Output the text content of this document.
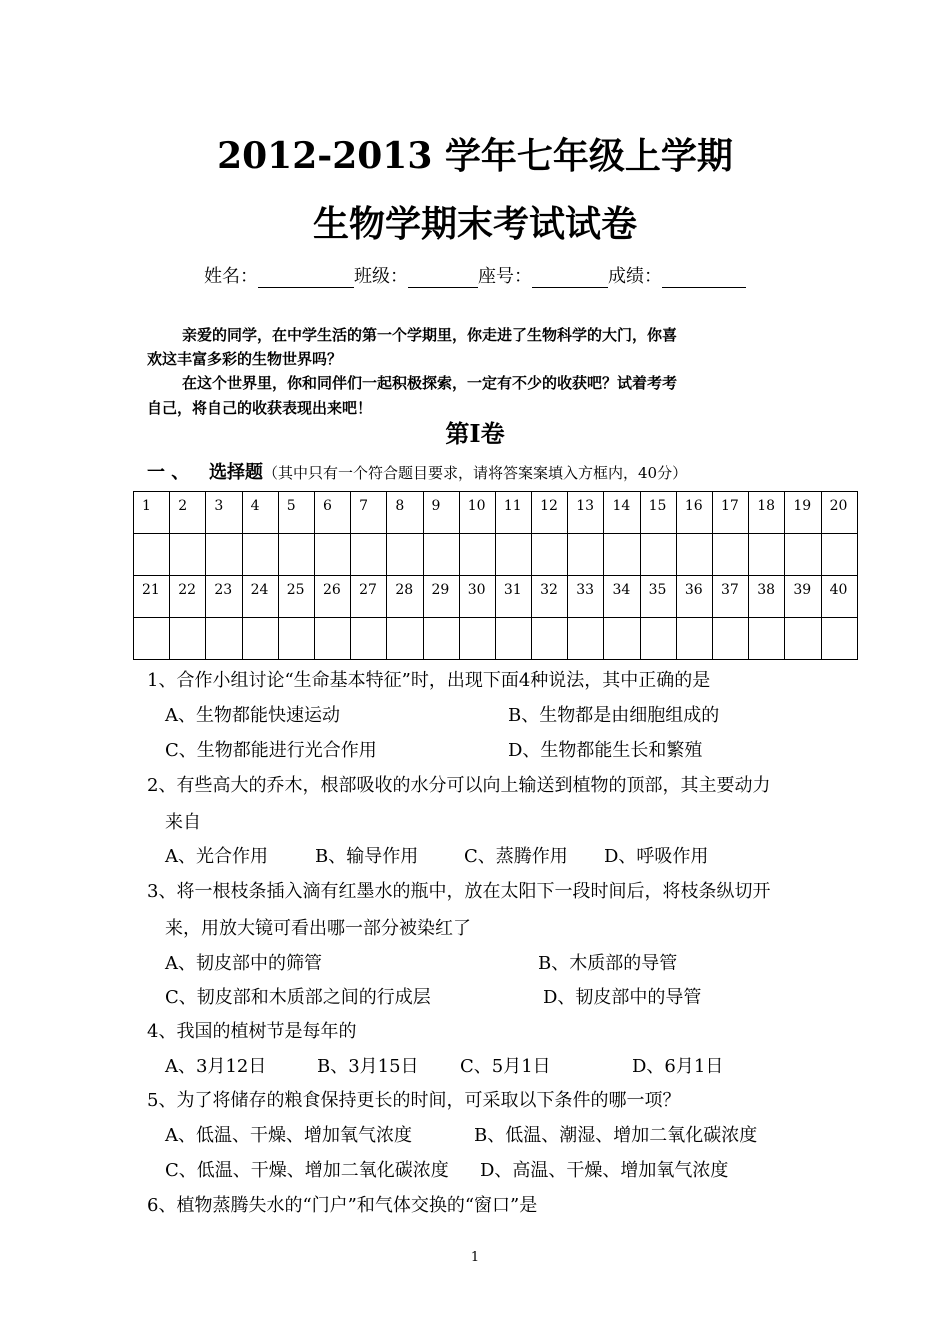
2012-2013 学年七年级上学期
生物学期末考试试卷
姓名：	班级：	座号：	成绩：
亲爱的同学，在中学生活的第一个学期里，你走进了生物科学的大门，你喜
欢这丰富多彩的生物世界吗？
在这个世界里，你和同伴们一起积极探索，一定有不少的收获吧？试着考考
自己，将自己的收获表现出来吧！
第Ⅰ卷
一 、 选择题（其中只有一个符合题目要求，请将答案案填入方框内，40分）
1	2	3	4	5	6	7	8	9	10	11	12	13	14	15	16	17	18	19	20

21	22	23	24	25	26	27	28	29	30	31	32	33	34	35	36	37	38	39	40

1、合作小组讨论“生命基本特征”时，出现下面4种说法，其中正确的是
A、生物都能快速运动	B、生物都是由细胞组成的
C、生物都能进行光合作用	D、生物都能生长和繁殖
2、有些高大的乔木，根部吸收的水分可以向上输送到植物的顶部，其主要动力
来自
A、光合作用	B、输导作用	C、蒸腾作用 D、呼吸作用
3、将一根枝条插入滴有红墨水的瓶中，放在太阳下一段时间后，将枝条纵切开
来，用放大镜可看出哪一部分被染红了
A、韧皮部中的筛管	B、木质部的导管
C、韧皮部和木质部之间的行成层	D、韧皮部中的导管
4、我国的植树节是每年的
A、3月12日	B、3月15日 C、5月1日	D、6月1日
5、为了将储存的粮食保持更长的时间，可采取以下条件的哪一项？
A、低温、干燥、增加氧气浓度	B、低温、潮湿、增加二氧化碳浓度
C、低温、干燥、增加二氧化碳浓度 D、高温、干燥、增加氧气浓度
6、植物蒸腾失水的“门户”和气体交换的“窗口”是
1
